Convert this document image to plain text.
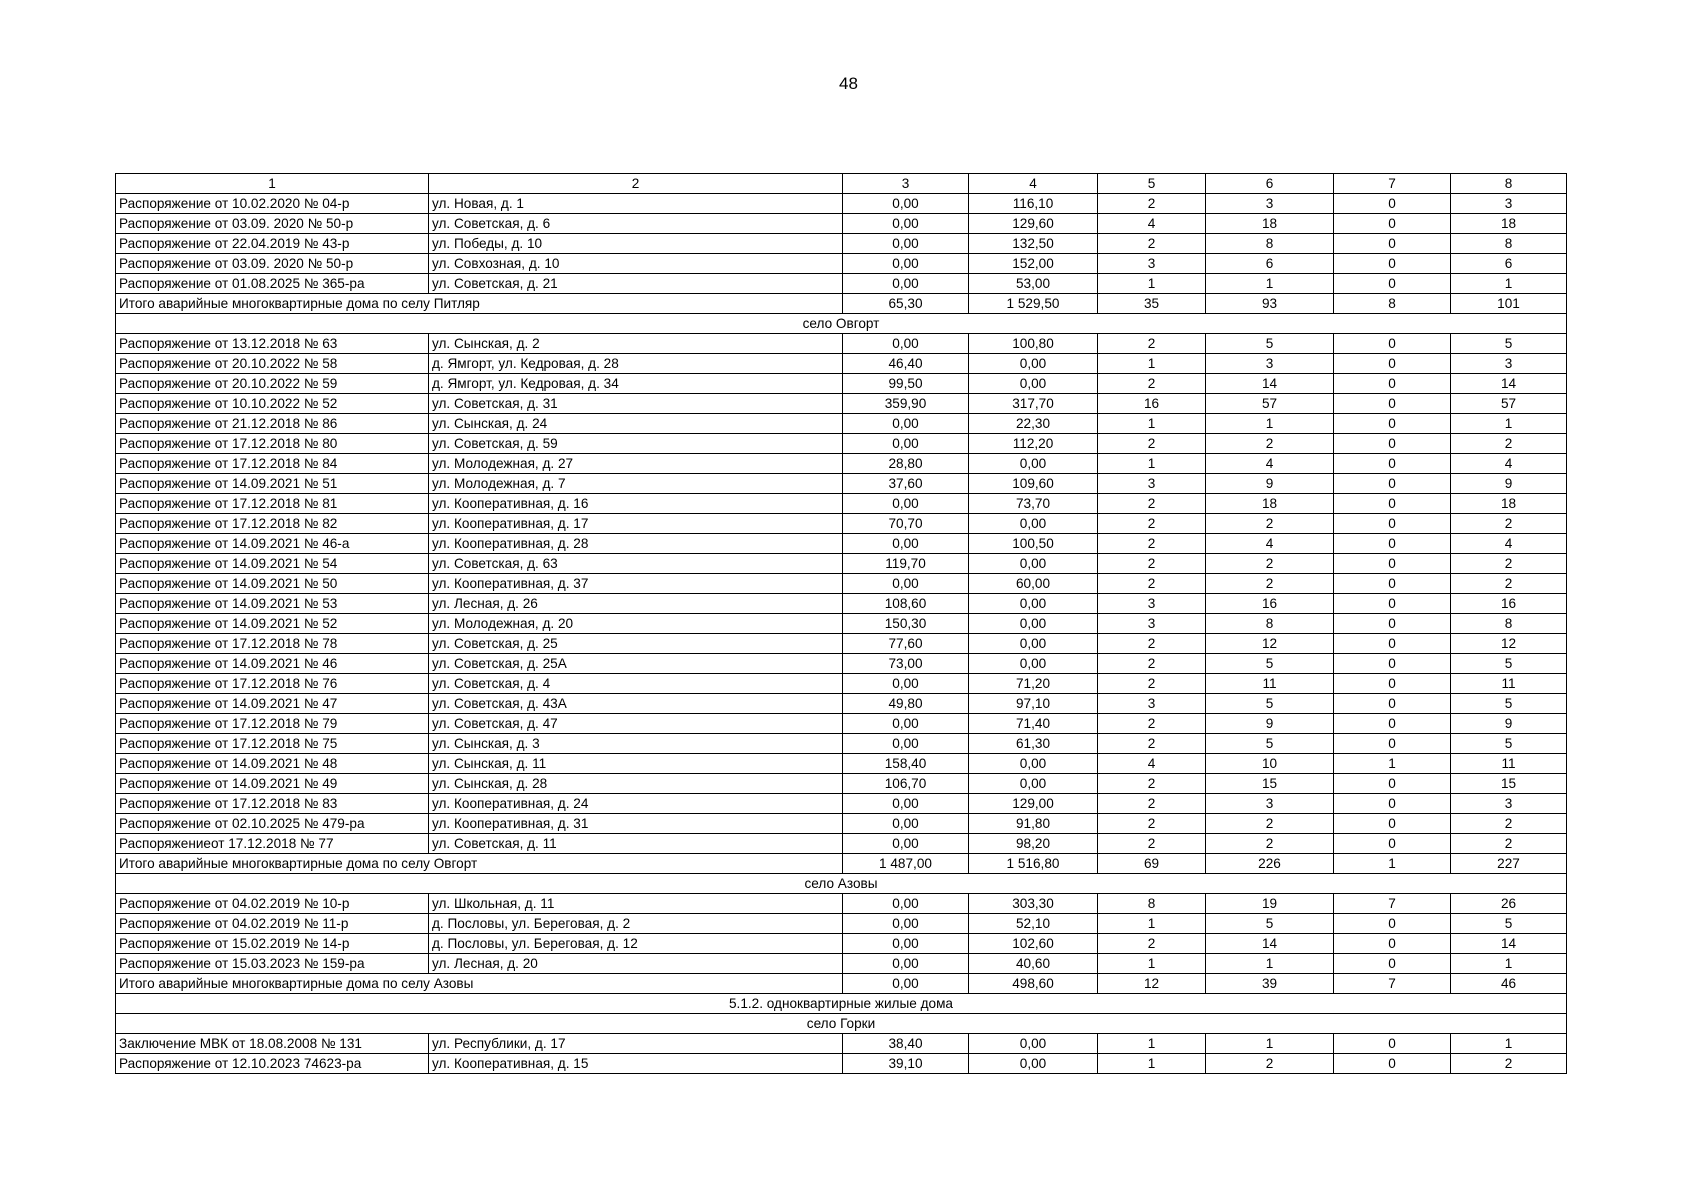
48
1	2	3	4	5	6	7	8
Распоряжение от 10.02.2020 № 04-р	ул. Новая, д. 1	0,00	116,10	2	3	0	3
Распоряжение от 03.09. 2020 № 50-р	ул. Советская, д. 6	0,00	129,60	4	18	0	18
Распоряжение от 22.04.2019 № 43-р	ул. Победы, д. 10	0,00	132,50	2	8	0	8
Распоряжение от 03.09. 2020 № 50-р	ул. Совхозная, д. 10	0,00	152,00	3	6	0	6
Распоряжение от 01.08.2025 № 365-ра	ул. Советская, д. 21	0,00	53,00	1	1	0	1
Итого аварийные многоквартирные дома по селу Питляр		65,30	1 529,50	35	93	8	101
село Овгорт							
Распоряжение от 13.12.2018 № 63	ул. Сынская, д. 2	0,00	100,80	2	5	0	5
Распоряжение от 20.10.2022 № 58	д. Ямгорт, ул. Кедровая, д. 28	46,40	0,00	1	3	0	3
Распоряжение от 20.10.2022 № 59	д. Ямгорт, ул. Кедровая, д. 34	99,50	0,00	2	14	0	14
Распоряжение от 10.10.2022 № 52	ул. Советская, д. 31	359,90	317,70	16	57	0	57
Распоряжение от 21.12.2018 № 86	ул. Сынская, д. 24	0,00	22,30	1	1	0	1
Распоряжение от 17.12.2018 № 80	ул. Советская, д. 59	0,00	112,20	2	2	0	2
Распоряжение от 17.12.2018 № 84	ул. Молодежная, д. 27	28,80	0,00	1	4	0	4
Распоряжение от 14.09.2021 № 51	ул. Молодежная, д. 7	37,60	109,60	3	9	0	9
Распоряжение от 17.12.2018 № 81	ул. Кооперативная, д. 16	0,00	73,70	2	18	0	18
Распоряжение от 17.12.2018 № 82	ул. Кооперативная, д. 17	70,70	0,00	2	2	0	2
Распоряжение от 14.09.2021 № 46-а	ул. Кооперативная, д. 28	0,00	100,50	2	4	0	4
Распоряжение от 14.09.2021 № 54	ул. Советская, д. 63	119,70	0,00	2	2	0	2
Распоряжение от 14.09.2021 № 50	ул. Кооперативная, д. 37	0,00	60,00	2	2	0	2
Распоряжение от 14.09.2021 № 53	ул. Лесная, д. 26	108,60	0,00	3	16	0	16
Распоряжение от 14.09.2021 № 52	ул. Молодежная, д. 20	150,30	0,00	3	8	0	8
Распоряжение от 17.12.2018 № 78	ул. Советская, д. 25	77,60	0,00	2	12	0	12
Распоряжение от 14.09.2021 № 46	ул. Советская, д. 25А	73,00	0,00	2	5	0	5
Распоряжение от 17.12.2018 № 76	ул. Советская, д. 4	0,00	71,20	2	11	0	11
Распоряжение от 14.09.2021 № 47	ул. Советская, д. 43А	49,80	97,10	3	5	0	5
Распоряжение от 17.12.2018 № 79	ул. Советская, д. 47	0,00	71,40	2	9	0	9
Распоряжение от 17.12.2018 № 75	ул. Сынская, д. 3	0,00	61,30	2	5	0	5
Распоряжение от 14.09.2021 № 48	ул. Сынская, д. 11	158,40	0,00	4	10	1	11
Распоряжение от 14.09.2021 № 49	ул. Сынская, д. 28	106,70	0,00	2	15	0	15
Распоряжение от 17.12.2018 № 83	ул. Кооперативная, д. 24	0,00	129,00	2	3	0	3
Распоряжение от 02.10.2025 № 479-ра	ул. Кооперативная, д. 31	0,00	91,80	2	2	0	2
Распоряжениеот 17.12.2018 № 77	ул. Советская, д. 11	0,00	98,20	2	2	0	2
Итого аварийные многоквартирные дома по селу Овгорт		1 487,00	1 516,80	69	226	1	227
село Азовы							
Распоряжение от 04.02.2019 № 10-р	ул. Школьная, д. 11	0,00	303,30	8	19	7	26
Распоряжение от 04.02.2019 № 11-р	д. Пословы, ул. Береговая, д. 2	0,00	52,10	1	5	0	5
Распоряжение от 15.02.2019 № 14-р	д. Пословы, ул. Береговая, д. 12	0,00	102,60	2	14	0	14
Распоряжение от 15.03.2023 № 159-ра	ул. Лесная, д. 20	0,00	40,60	1	1	0	1
Итого аварийные многоквартирные дома по селу Азовы		0,00	498,60	12	39	7	46
5.1.2. одноквартирные жилые дома							
село Горки							
Заключение МВК от 18.08.2008 № 131	ул. Республики, д. 17	38,40	0,00	1	1	0	1
Распоряжение от 12.10.2023 74623-ра	ул. Кооперативная, д. 15	39,10	0,00	1	2	0	2
